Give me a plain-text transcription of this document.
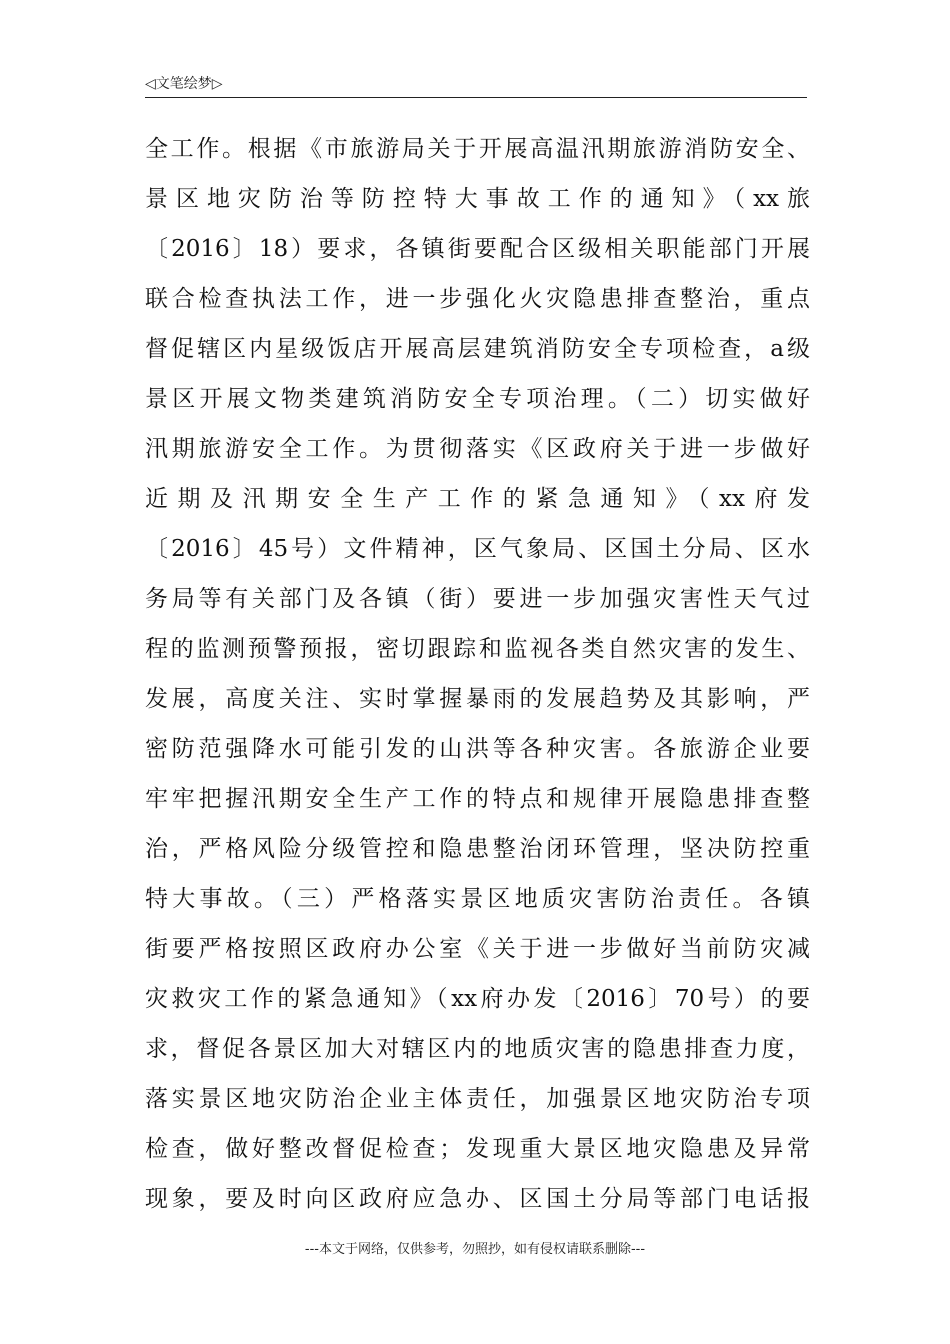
◁文笔绘梦▷
全工作。根据《市旅游局关于开展高温汛期旅游消防安全、
景区地灾防治等防控特大事故工作的通知》（xx旅
〔2016〕18）要求，各镇街要配合区级相关职能部门开展
联合检查执法工作，进一步强化火灾隐患排查整治，重点
督促辖区内星级饭店开展高层建筑消防安全专项检查，a级
景区开展文物类建筑消防安全专项治理。（二）切实做好
汛期旅游安全工作。为贯彻落实《区政府关于进一步做好
近期及汛期安全生产工作的紧急通知》（xx府发
〔2016〕45号）文件精神，区气象局、区国土分局、区水
务局等有关部门及各镇（街）要进一步加强灾害性天气过
程的监测预警预报，密切跟踪和监视各类自然灾害的发生、
发展，高度关注、实时掌握暴雨的发展趋势及其影响，严
密防范强降水可能引发的山洪等各种灾害。各旅游企业要
牢牢把握汛期安全生产工作的特点和规律开展隐患排查整
治，严格风险分级管控和隐患整治闭环管理，坚决防控重
特大事故。（三）严格落实景区地质灾害防治责任。各镇
街要严格按照区政府办公室《关于进一步做好当前防灾减
灾救灾工作的紧急通知》（xx府办发〔2016〕70号）的要
求，督促各景区加大对辖区内的地质灾害的隐患排查力度，
落实景区地灾防治企业主体责任，加强景区地灾防治专项
检查，做好整改督促检查；发现重大景区地灾隐患及异常
现象，要及时向区政府应急办、区国土分局等部门电话报
---本文于网络，仅供参考，勿照抄，如有侵权请联系删除---
